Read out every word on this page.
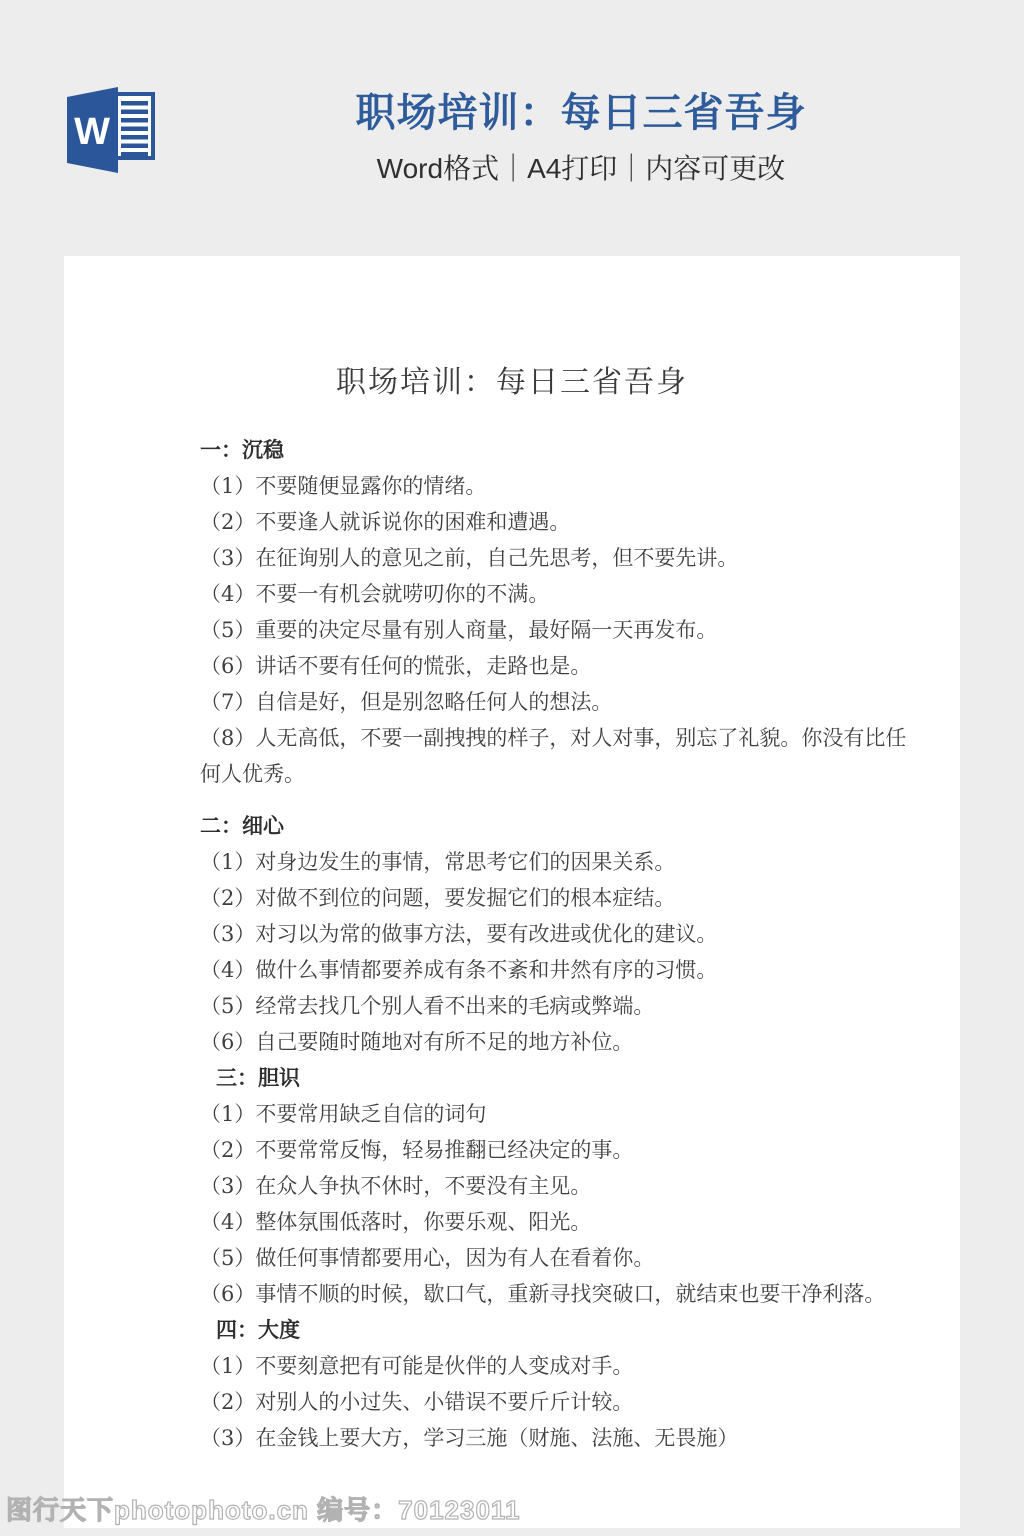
W	职场培训：每日三省吾身
Word格式｜A4打印｜内容可更改
职场培训：每日三省吾身
一：沉稳
（1）不要随便显露你的情绪。
（2）不要逢人就诉说你的困难和遭遇。
（3）在征询别人的意见之前，自己先思考，但不要先讲。
（4）不要一有机会就唠叨你的不满。
（5）重要的决定尽量有别人商量，最好隔一天再发布。
（6）讲话不要有任何的慌张，走路也是。
（7）自信是好，但是别忽略任何人的想法。
（8）人无高低，不要一副拽拽的样子，对人对事，别忘了礼貌。你没有比任何人优秀。
二：细心
（1）对身边发生的事情，常思考它们的因果关系。
（2）对做不到位的问题，要发掘它们的根本症结。
（3）对习以为常的做事方法，要有改进或优化的建议。
（4）做什么事情都要养成有条不紊和井然有序的习惯。
（5）经常去找几个别人看不出来的毛病或弊端。
（6）自己要随时随地对有所不足的地方补位。
三：胆识
（1）不要常用缺乏自信的词句
（2）不要常常反悔，轻易推翻已经决定的事。
（3）在众人争执不休时，不要没有主见。
（4）整体氛围低落时，你要乐观、阳光。
（5）做任何事情都要用心，因为有人在看着你。
（6）事情不顺的时候，歇口气，重新寻找突破口，就结束也要干净利落。
四：大度
（1）不要刻意把有可能是伙伴的人变成对手。
（2）对别人的小过失、小错误不要斤斤计较。
（3）在金钱上要大方，学习三施（财施、法施、无畏施）
图行天下photophoto.cn 编号：70123011
